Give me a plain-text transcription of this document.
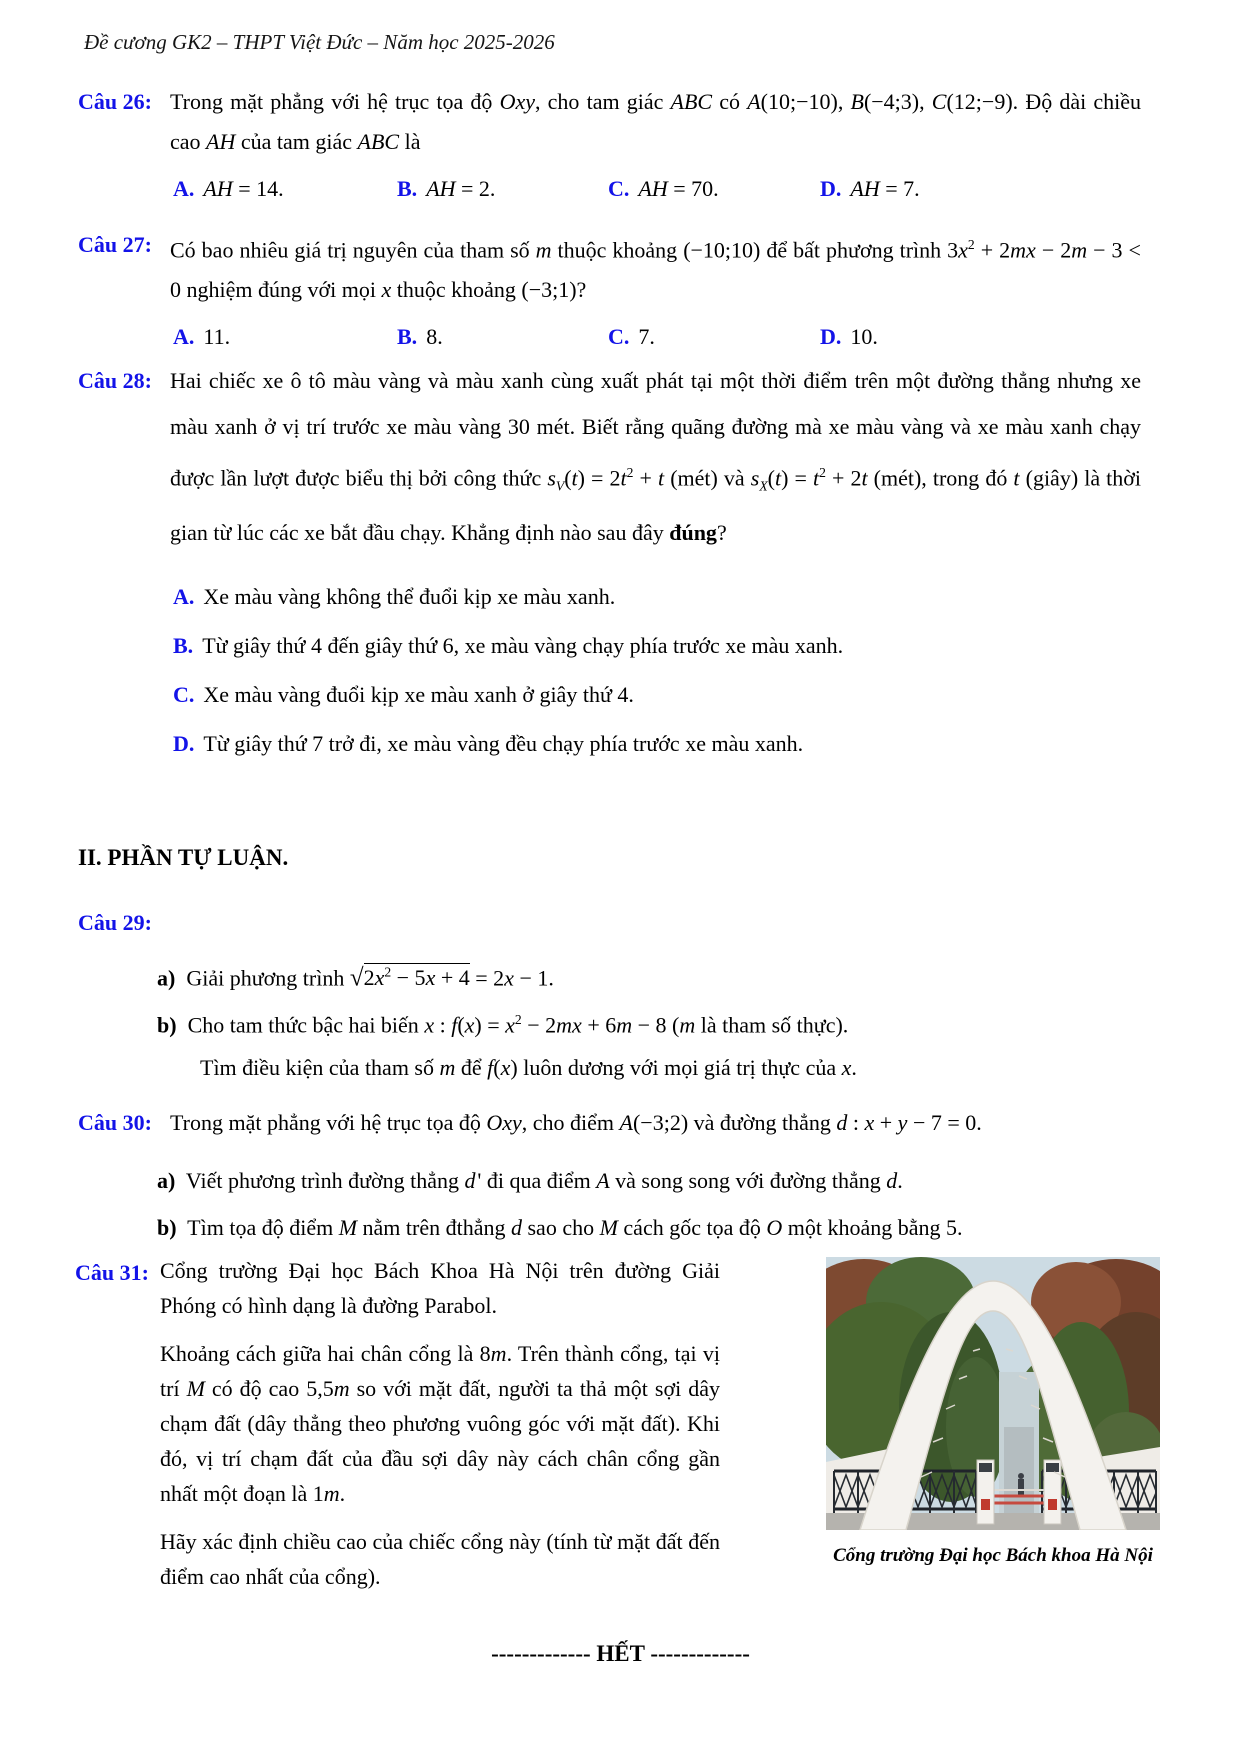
Đề cương GK2 – THPT Việt Đức – Năm học 2025-2026
Câu 26: Trong mặt phẳng với hệ trục tọa độ Oxy, cho tam giác ABC có A(10;−10), B(−4;3), C(12;−9). Độ dài chiều cao AH của tam giác ABC là
A. AH = 14.	B. AH = 2.	C. AH = 70.	D. AH = 7.
Câu 27: Có bao nhiêu giá trị nguyên của tham số m thuộc khoảng (−10;10) để bất phương trình $3x^2 + 2mx - 2m - 3 < 0$ nghiệm đúng với mọi x thuộc khoảng (−3;1)?
A. 11.	B. 8.	C. 7.	D. 10.
Câu 28: Hai chiếc xe ô tô màu vàng và màu xanh cùng xuất phát tại một thời điểm trên một đường thẳng nhưng xe màu xanh ở vị trí trước xe màu vàng 30 mét. Biết rằng quãng đường mà xe màu vàng và xe màu xanh chạy được lần lượt được biểu thị bởi công thức $s_V(t) = 2t^2 + t$ (mét) và $s_X(t) = t^2 + 2t$ (mét), trong đó t (giây) là thời gian từ lúc các xe bắt đầu chạy. Khẳng định nào sau đây đúng?
A. Xe màu vàng không thể đuổi kịp xe màu xanh.
B. Từ giây thứ 4 đến giây thứ 6, xe màu vàng chạy phía trước xe màu xanh.
C. Xe màu vàng đuổi kịp xe màu xanh ở giây thứ 4.
D. Từ giây thứ 7 trở đi, xe màu vàng đều chạy phía trước xe màu xanh.
II. PHẦN TỰ LUẬN.
Câu 29:
a)  Giải phương trình $√2x^2 - 5x + 4 = 2x - 1$.
b)  Cho tam thức bậc hai biến x : $f(x) = x^2 - 2mx + 6m - 8$ (m là tham số thực).
Tìm điều kiện của tham số m để f(x) luôn dương với mọi giá trị thực của x.
Câu 30: Trong mặt phẳng với hệ trục tọa độ Oxy, cho điểm A(−3;2) và đường thẳng d : x + y − 7 = 0.
a)  Viết phương trình đường thẳng d ' đi qua điểm A và song song với đường thẳng d.
b)  Tìm tọa độ điểm M nằm trên đthẳng d sao cho M cách gốc tọa độ O một khoảng bằng 5.
Câu 31: Cổng trường Đại học Bách Khoa Hà Nội trên đường Giải Phóng có hình dạng là đường Parabol.

Khoảng cách giữa hai chân cổng là 8m. Trên thành cổng, tại vị trí M có độ cao 5,5m so với mặt đất, người ta thả một sợi dây chạm đất (dây thẳng theo phương vuông góc với mặt đất). Khi đó, vị trí chạm đất của đầu sợi dây này cách chân cổng gần nhất một đoạn là 1m.

Hãy xác định chiều cao của chiếc cổng này (tính từ mặt đất đến điểm cao nhất của cổng).

Cổng trường Đại học Bách khoa Hà Nội
------------- HẾT -------------
